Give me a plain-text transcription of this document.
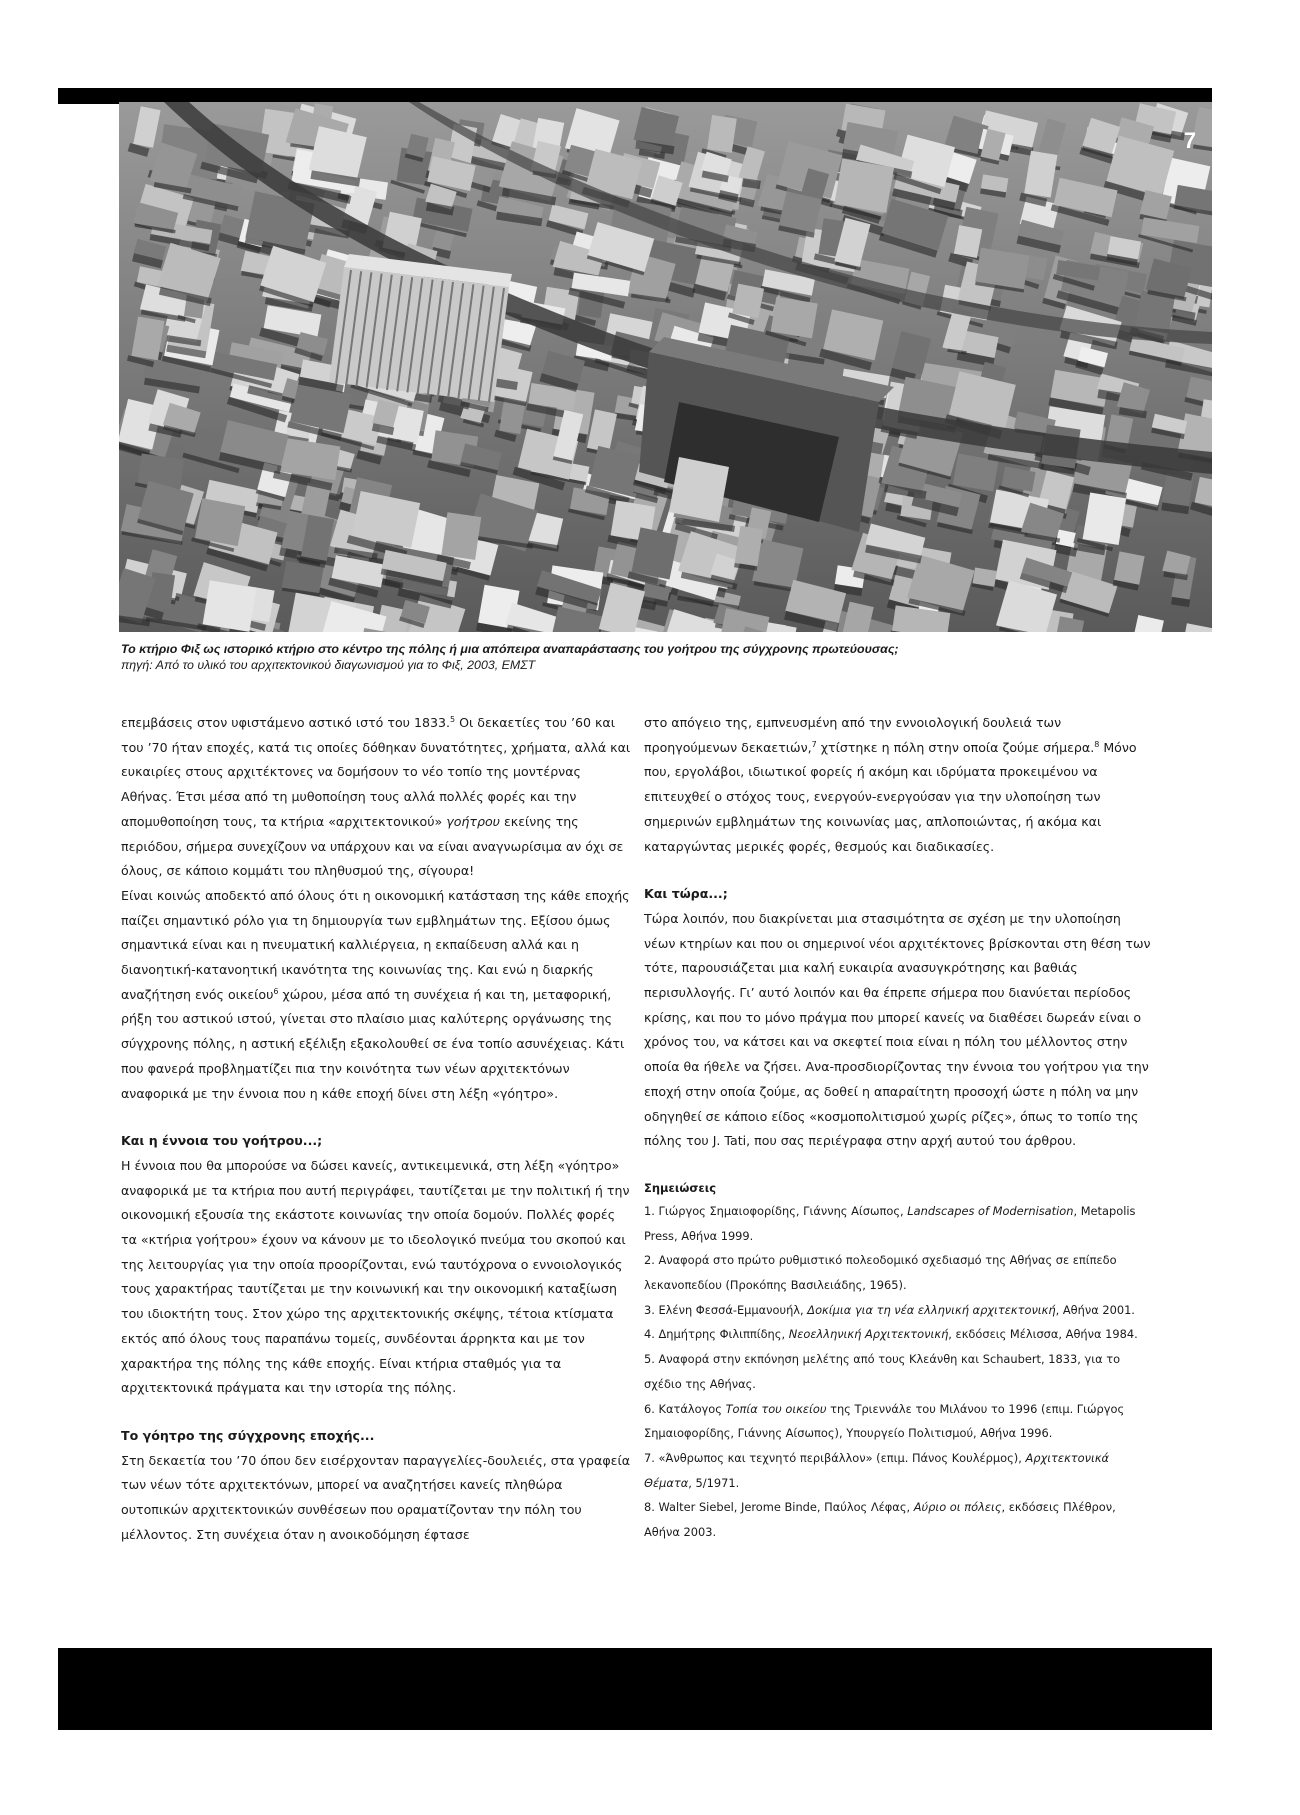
7
Το κτήριο Φιξ ως ιστορικό κτήριο στο κέντρο της πόλης ή μια απόπειρα αναπαράστασης του γοήτρου της σύγχρονης πρωτεύουσας;
πηγή: Από το υλικό του αρχιτεκτονικού διαγωνισμού για το Φιξ, 2003, ΕΜΣΤ

επεμβάσεις στον υφιστάμενο αστικό ιστό του 1833.$^5$ Οι δεκαετίες του ’60 και του ’70 ήταν εποχές, κατά τις οποίες δόθηκαν δυνατότητες, χρήματα, αλλά και ευκαιρίες στους αρχιτέκτονες να δομήσουν το νέο τοπίο της μοντέρνας Αθήνας. Έτσι μέσα από τη μυθοποίηση τους αλλά πολλές φορές και την απομυθοποίηση τους, τα κτήρια «αρχιτεκτονικού» γοήτρου εκείνης της περιόδου, σήμερα συνεχίζουν να υπάρχουν και να είναι αναγνωρίσιμα αν όχι σε όλους, σε κάποιο κομμάτι του πληθυσμού της, σίγουρα!

Είναι κοινώς αποδεκτό από όλους ότι η οικονομική κατάσταση της κάθε εποχής παίζει σημαντικό ρόλο για τη δημιουργία των εμβλημάτων της. Εξίσου όμως σημαντικά είναι και η πνευματική καλλιέργεια, η εκπαίδευση αλλά και η διανοητική-κατανοητική ικανότητα της κοινωνίας της. Και ενώ η διαρκής αναζήτηση ενός οικείου$^6$ χώρου, μέσα από τη συνέχεια ή και τη, μεταφορική, ρήξη του αστικού ιστού, γίνεται στο πλαίσιο μιας καλύτερης οργάνωσης της σύγχρονης πόλης, η αστική εξέλιξη εξακολουθεί σε ένα τοπίο ασυνέχειας. Κάτι που φανερά προβληματίζει πια την κοινότητα των νέων αρχιτεκτόνων αναφορικά με την έννοια που η κάθε εποχή δίνει στη λέξη «γόητρο».

Και η έννοια του γοήτρου...;

Η έννοια που θα μπορούσε να δώσει κανείς, αντικειμενικά, στη λέξη «γόητρο» αναφορικά με τα κτήρια που αυτή περιγράφει, ταυτίζεται με την πολιτική ή την οικονομική εξουσία της εκάστοτε κοινωνίας την οποία δομούν. Πολλές φορές τα «κτήρια γοήτρου» έχουν να κάνουν με το ιδεολογικό πνεύμα του σκοπού και της λειτουργίας για την οποία προορίζονται, ενώ ταυτόχρονα ο εννοιολογικός τους χαρακτήρας ταυτίζεται με την κοινωνική και την οικονομική καταξίωση του ιδιοκτήτη τους. Στον χώρο της αρχιτεκτονικής σκέψης, τέτοια κτίσματα εκτός από όλους τους παραπάνω τομείς, συνδέονται άρρηκτα και με τον χαρακτήρα της πόλης της κάθε εποχής. Είναι κτήρια σταθμός για τα αρχιτεκτονικά πράγματα και την ιστορία της πόλης.

Το γόητρο της σύγχρονης εποχής...

Στη δεκαετία του ’70 όπου δεν εισέρχονταν παραγγελίες-δουλειές, στα γραφεία των νέων τότε αρχιτεκτόνων, μπορεί να αναζητήσει κανείς πληθώρα ουτοπικών αρχιτεκτονικών συνθέσεων που οραματίζονταν την πόλη του μέλλοντος. Στη συνέχεια όταν η ανοικοδόμηση έφτασε

στο απόγειο της, εμπνευσμένη από την εννοιολογική δουλειά των προηγούμενων δεκαετιών,$^7$ χτίστηκε η πόλη στην οποία ζούμε σήμερα.$^8$ Μόνο που, εργολάβοι, ιδιωτικοί φορείς ή ακόμη και ιδρύματα προκειμένου να επιτευχθεί ο στόχος τους, ενεργούν-ενεργούσαν για την υλοποίηση των σημερινών εμβλημάτων της κοινωνίας μας, απλοποιώντας, ή ακόμα και καταργώντας μερικές φορές, θεσμούς και διαδικασίες.

Και τώρα...;

Τώρα λοιπόν, που διακρίνεται μια στασιμότητα σε σχέση με την υλοποίηση νέων κτηρίων και που οι σημερινοί νέοι αρχιτέκτονες βρίσκονται στη θέση των τότε, παρουσιάζεται μια καλή ευκαιρία ανασυγκρότησης και βαθιάς περισυλλογής. Γι’ αυτό λοιπόν και θα έπρεπε σήμερα που διανύεται περίοδος κρίσης, και που το μόνο πράγμα που μπορεί κανείς να διαθέσει δωρεάν είναι ο χρόνος του, να κάτσει και να σκεφτεί ποια είναι η πόλη του μέλλοντος στην οποία θα ήθελε να ζήσει. Ανα-προσδιορίζοντας την έννοια του γοήτρου για την εποχή στην οποία ζούμε, ας δοθεί η απαραίτητη προσοχή ώστε η πόλη να μην οδηγηθεί σε κάποιο είδος «κοσμοπολιτισμού χωρίς ρίζες», όπως το τοπίο της πόλης του J. Tati, που σας περιέγραφα στην αρχή αυτού του άρθρου.

Σημειώσεις

1. Γιώργος Σημαιοφορίδης, Γιάννης Αίσωπος, Landscapes of Modernisation, Metapolis Press, Αθήνα 1999.

2. Αναφορά στο πρώτο ρυθμιστικό πολεοδομικό σχεδιασμό της Αθήνας σε επίπεδο λεκανοπεδίου (Προκόπης Βασιλειάδης, 1965).

3. Ελένη Φεσσά-Εμμανουήλ, Δοκίμια για τη νέα ελληνική αρχιτεκτονική, Αθήνα 2001.

4. Δημήτρης Φιλιππίδης, Νεοελληνική Αρχιτεκτονική, εκδόσεις Μέλισσα, Αθήνα 1984.

5. Αναφορά στην εκπόνηση μελέτης από τους Κλεάνθη και Schaubert, 1833, για το σχέδιο της Αθήνας.

6. Κατάλογος Τοπία του οικείου της Τριεννάλε του Μιλάνου το 1996 (επιμ. Γιώργος Σημαιοφορίδης, Γιάννης Αίσωπος), Υπουργείο Πολιτισμού, Αθήνα 1996.

7. «Άνθρωπος και τεχνητό περιβάλλον» (επιμ. Πάνος Κουλέρμος), Αρχιτεκτονικά Θέματα, 5/1971.

8. Walter Siebel, Jerome Binde, Παύλος Λέφας, Αύριο οι πόλεις, εκδόσεις Πλέθρον, Αθήνα 2003.
